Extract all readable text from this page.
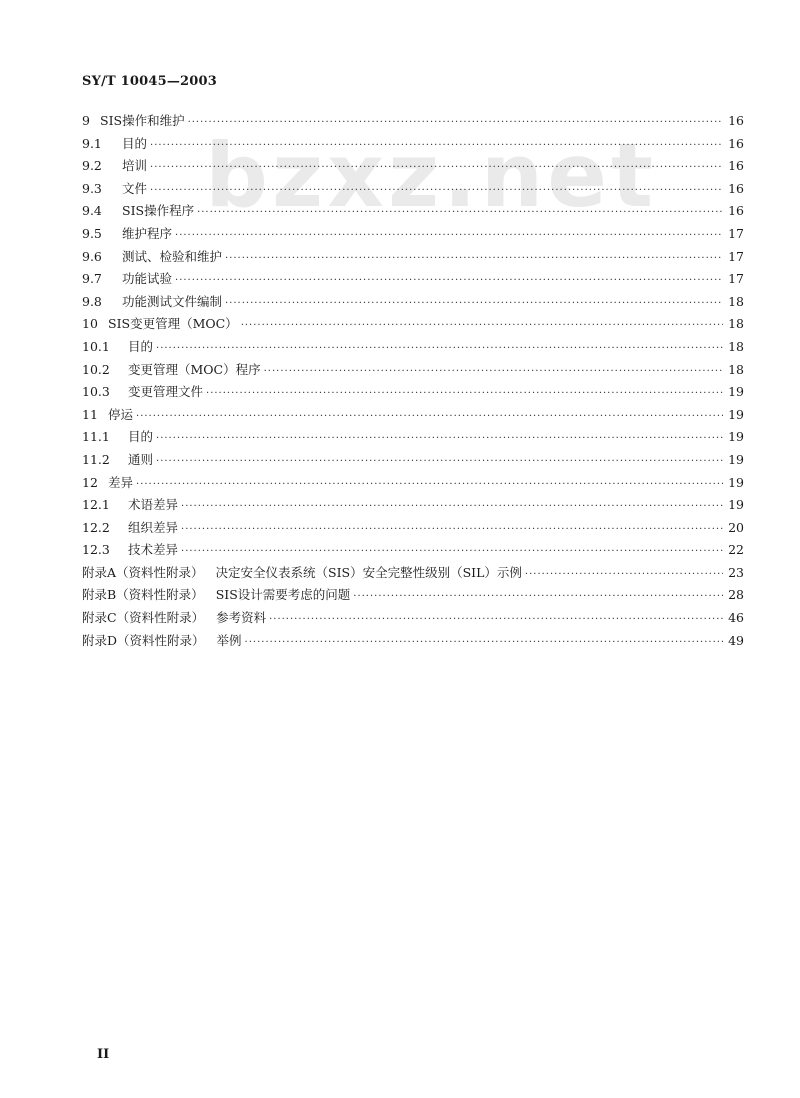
SY/T 10045—2003
bzxz.net
9 SIS操作和维护 ·····	16
9.1	目的 ·····	16
9.2	培训 ·····	16
9.3	文件 ·····	16
9.4	SIS操作程序 ·····	16
9.5	维护程序 ·····	17
9.6	测试、检验和维护 ·····	17
9.7	功能试验 ·····	17
9.8	功能测试文件编制 ·····	18
10 SIS变更管理（MOC） ·····	18
10.1	目的 ·····	18
10.2	变更管理（MOC）程序 ·····	18
10.3	变更管理文件 ·····	19
11 停运 ·····	19
11.1	目的 ·····	19
11.2	通则 ·····	19
12 差异 ·····	19
12.1	术语差异 ·····	19
12.2	组织差异 ·····	20
12.3	技术差异 ·····	22
附录A（资料性附录） 决定安全仪表系统（SIS）安全完整性级别（SIL）示例 ·····	23
附录B（资料性附录） SIS设计需要考虑的问题 ·····	28
附录C（资料性附录） 参考资料 ·····	46
附录D（资料性附录） 举例 ·····	49
II
